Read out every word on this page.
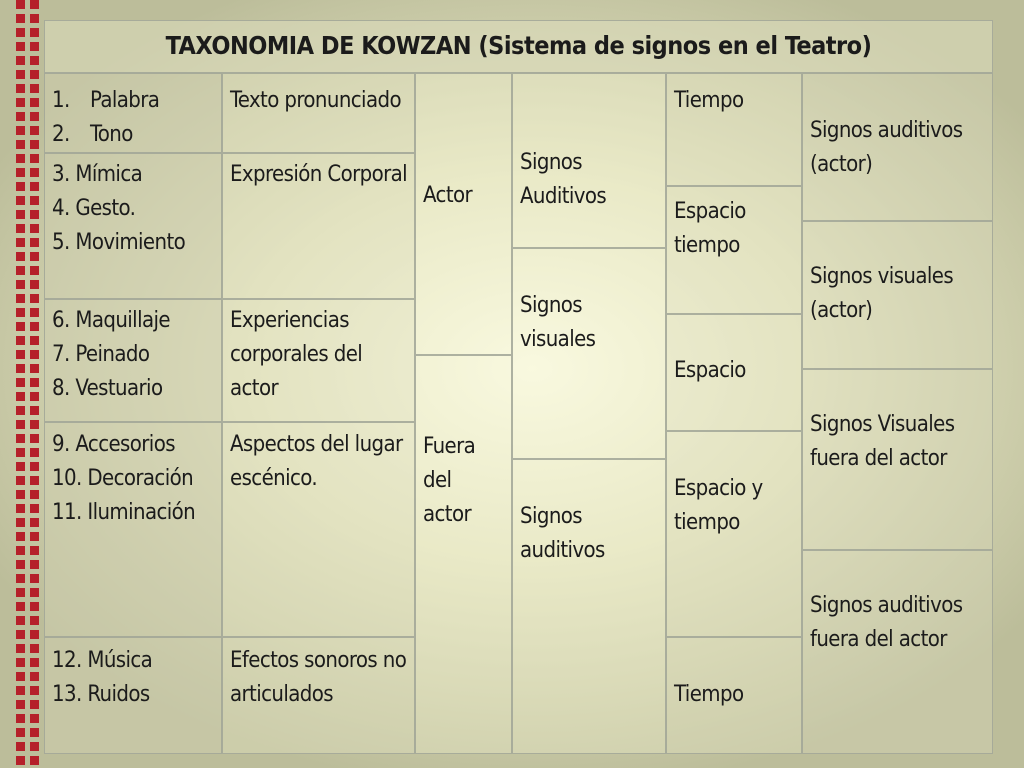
TAXONOMIA DE KOWZAN (Sistema de signos en el Teatro)
1. Palabra
2. Tono
3. Mímica
4. Gesto.
5. Movimiento
6. Maquillaje
7. Peinado
8. Vestuario
9. Accesorios
10. Decoración
11. Iluminación
12. Música
13. Ruidos
Texto pronunciado
Expresión Corporal
Experiencias
corporales del
actor
Aspectos del lugar
escénico.
Efectos sonoros no
articulados
Actor
Fuera
del
actor
Signos
Auditivos
Signos
visuales
Signos
auditivos
Tiempo
Espacio
tiempo
Espacio
Espacio y
tiempo
Tiempo
Signos auditivos
(actor)
Signos visuales
(actor)
Signos Visuales
fuera del actor
Signos auditivos
fuera del actor
